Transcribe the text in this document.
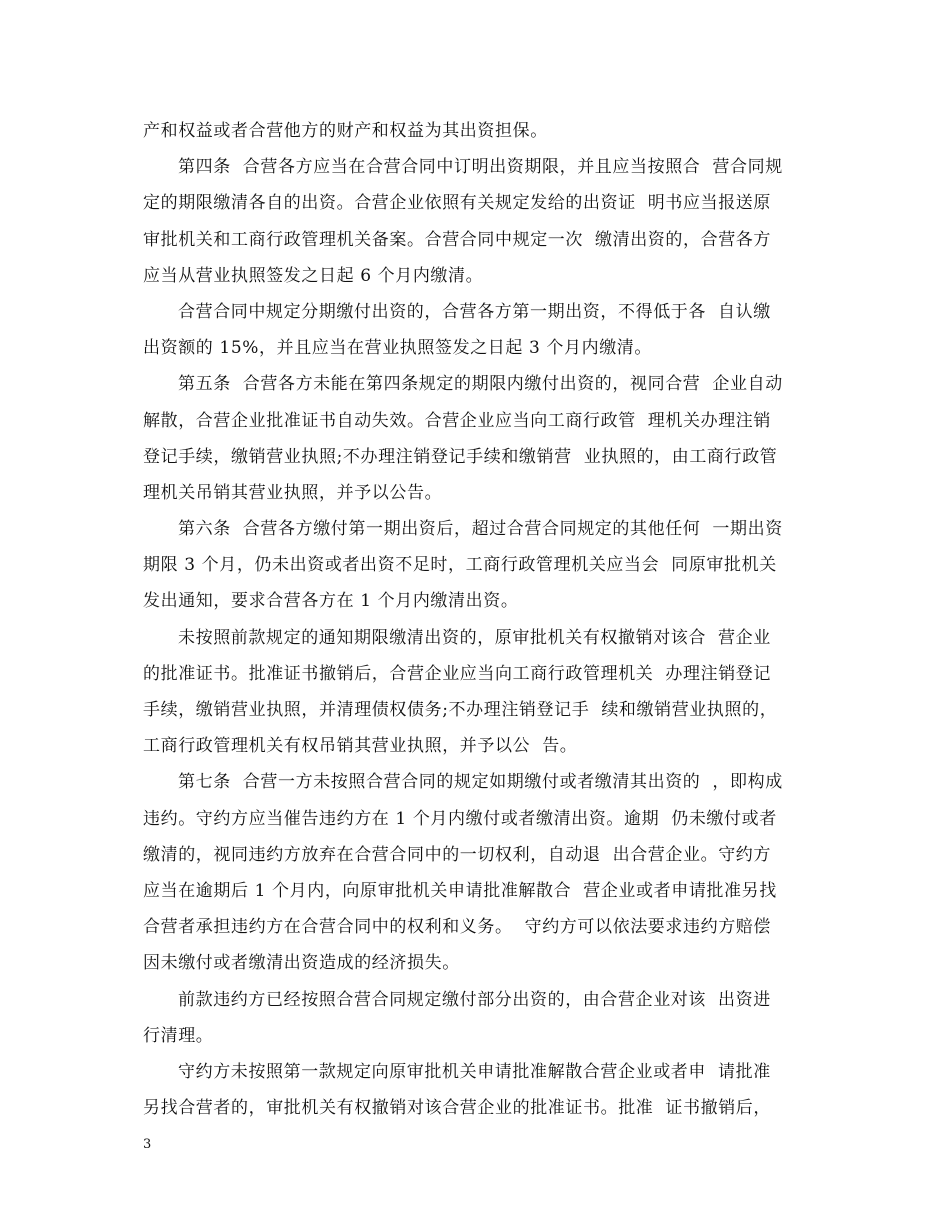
产和权益或者合营他方的财产和权益为其出资担保。
第四条  合营各方应当在合营合同中订明出资期限，并且应当按照合  营合同规
定的期限缴清各自的出资。合营企业依照有关规定发给的出资证  明书应当报送原
审批机关和工商行政管理机关备案。合营合同中规定一次  缴清出资的，合营各方
应当从营业执照签发之日起 6 个月内缴清。
合营合同中规定分期缴付出资的，合营各方第一期出资，不得低于各  自认缴
出资额的 15%，并且应当在营业执照签发之日起 3 个月内缴清。
第五条  合营各方未能在第四条规定的期限内缴付出资的，视同合营  企业自动
解散，合营企业批准证书自动失效。合营企业应当向工商行政管  理机关办理注销
登记手续，缴销营业执照;不办理注销登记手续和缴销营  业执照的，由工商行政管
理机关吊销其营业执照，并予以公告。
第六条  合营各方缴付第一期出资后，超过合营合同规定的其他任何  一期出资
期限 3 个月，仍未出资或者出资不足时，工商行政管理机关应当会  同原审批机关
发出通知，要求合营各方在 1 个月内缴清出资。
未按照前款规定的通知期限缴清出资的，原审批机关有权撤销对该合  营企业
的批准证书。批准证书撤销后，合营企业应当向工商行政管理机关  办理注销登记
手续，缴销营业执照，并清理债权债务;不办理注销登记手  续和缴销营业执照的，
工商行政管理机关有权吊销其营业执照，并予以公  告。
第七条  合营一方未按照合营合同的规定如期缴付或者缴清其出资的  ，即构成
违约。守约方应当催告违约方在 1 个月内缴付或者缴清出资。逾期  仍未缴付或者
缴清的，视同违约方放弃在合营合同中的一切权利，自动退  出合营企业。守约方
应当在逾期后 1 个月内，向原审批机关申请批准解散合  营企业或者申请批准另找
合营者承担违约方在合营合同中的权利和义务。  守约方可以依法要求违约方赔偿
因未缴付或者缴清出资造成的经济损失。
前款违约方已经按照合营合同规定缴付部分出资的，由合营企业对该  出资进
行清理。
守约方未按照第一款规定向原审批机关申请批准解散合营企业或者申  请批准
另找合营者的，审批机关有权撤销对该合营企业的批准证书。批准  证书撤销后，
3
